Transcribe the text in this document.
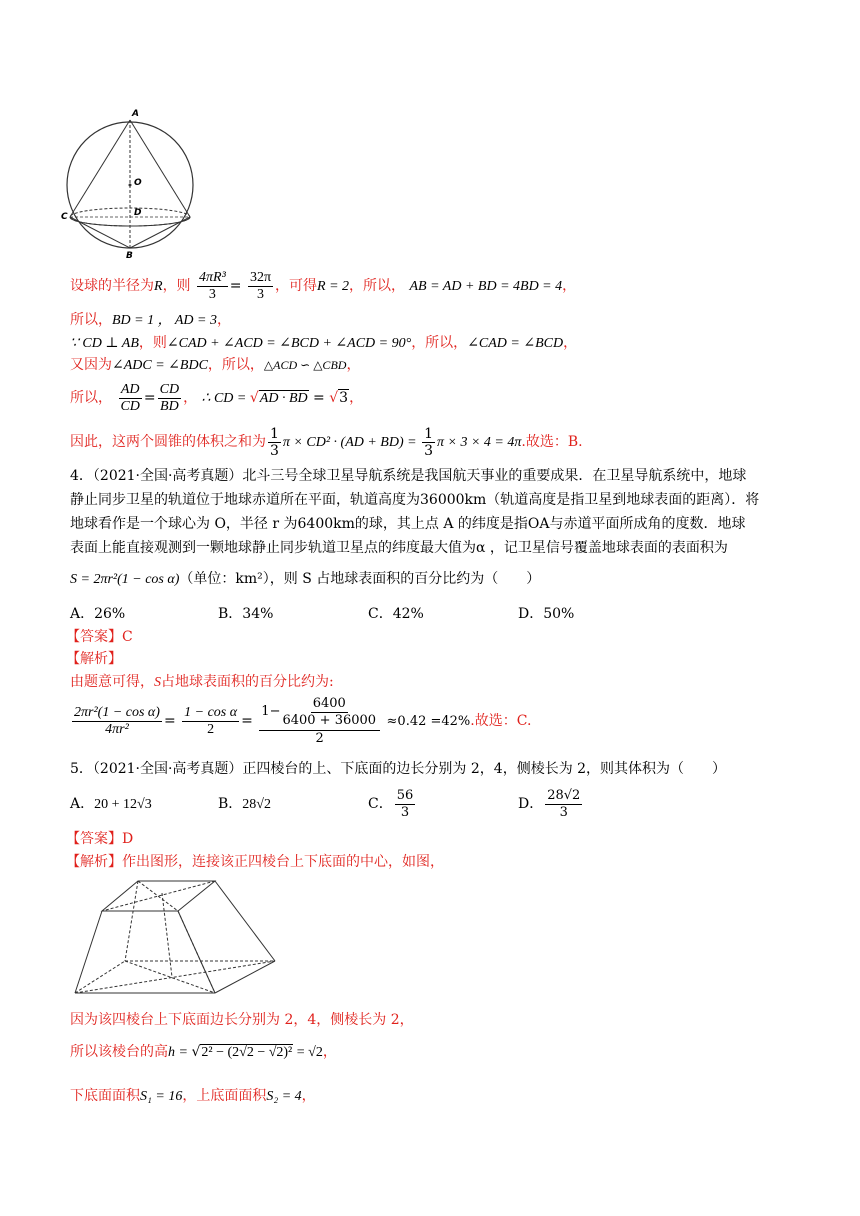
A
O
C	D
B
设球的半径为R，则 $\frac{\text{4πR³}}{3} = \frac{32\pi}{3}$ ，可得R = 2，所以， AB = AD + BD = 4BD = 4，
所以，BD = 1 ， AD = 3，
∵ CD ⊥ AB，则∠CAD + ∠ACD = ∠BCD + ∠ACD = 90°，所以，∠CAD = ∠BCD，
又因为∠ADC = ∠BDC，所以，△ACD ∽ △CBD，
所以， $\frac{AD}{CD} = \frac{CD}{BD}$ ， ∴ CD = √AD · BD = √3，
因此，这两个圆锥的体积之和为 $\frac{1}{3}$ $\pi \times CD^2 \cdot (AD + BD) = \frac{1}{3}$ π × 3 × 4 = 4π.故选：B.
4．（2021·全国·高考真题）北斗三号全球卫星导航系统是我国航天事业的重要成果．在卫星导航系统中，地球
静止同步卫星的轨道位于地球赤道所在平面，轨道高度为36000km（轨道高度是指卫星到地球表面的距离）．将
地球看作是一个球心为 O，半径 r 为6400km的球，其上点 A 的纬度是指OA与赤道平面所成角的度数．地球
表面上能直接观测到一颗地球静止同步轨道卫星点的纬度最大值为α ，记卫星信号覆盖地球表面的表面积为
S = 2πr²(1 − cos α)（单位：km²），则 S 占地球表面积的百分比约为（　　）
A．26%	B．34%	C．42%	D．50%
【答案】C
【解析】
由题意可得，S占地球表面积的百分比约为:
$\frac{\text{2πr²(1 − cos α)}}{\text{4πr²}} = \frac{\text{1 − cos α}}{2} = \frac{1- \frac{6400}{6400 + 36000}}{2} \approx 0.42 =42\%$.故选：C.
5．（2021·全国·高考真题）正四棱台的上、下底面的边长分别为 2，4，侧棱长为 2，则其体积为（　　）
A．20 + 12√3	B．28√2	C． $\frac{56}{3}$	D． $\frac{28√2}{3}$
【答案】D
【解析】作出图形，连接该正四棱台上下底面的中心，如图，
因为该四棱台上下底面边长分别为 2，4，侧棱长为 2，
所以该棱台的高h = √2² − (2√2 − √2)² = √2，
下底面面积S₁ = 16，上底面面积S₂ = 4，
